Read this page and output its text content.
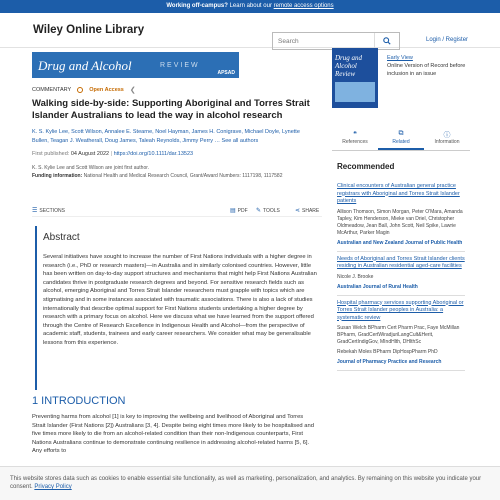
Working off-campus? Learn about our remote access options
Wiley Online Library
Search	Login / Register
Drug and Alcohol	REVIEW
APSAD
COMMENTARY	Open Access ❮
Walking side-by-side: Supporting Aboriginal and Torres Strait Islander Australians to lead the way in alcohol research
K. S. Kylie Lee, Scott Wilson, Annalee E. Stearne, Noel Hayman, James H. Conigrave, Michael Doyle, Lynette Bullen, Teagan J. Weatherall, Doug James, Taleah Reynolds, Jimmy Perry … See all authors
First published: 04 August 2022 | https://doi.org/10.1111/dar.13523
K. S. Kylie Lee and Scott Wilson are joint first author.
Funding information: National Health and Medical Research Council, Grant/Award Numbers: 1117198, 1117582
☰ SECTIONS	▤ PDF ✎ TOOLS	⋖ SHARE
Abstract

Several initiatives have sought to increase the number of First Nations individuals with a higher degree in research (i.e., PhD or research masters)—in Australia and in similarly colonised countries. However, little has been written on day-to-day support structures and mechanisms that might help First Nations Australian candidates thrive in postgraduate research degrees and beyond. For sensitive research fields such as alcohol, emerging Aboriginal and Torres Strait Islander researchers must grapple with topics which are stigmatising and in some instances associated with traumatic associations. There is also a lack of studies internationally that describe optimal support for First Nations students undertaking a higher degree by research with a primary focus on alcohol. Here we discuss what we have learned from the support offered through the Centre of Research Excellence in Indigenous Health and Alcohol—from the perspective of academic staff, students, trainees and early career researchers. We consider what may be generalisable lessons from this experience.

1 INTRODUCTION

Preventing harms from alcohol [1] is key to improving the wellbeing and livelihood of Aboriginal and Torres Strait Islander (First Nations [2]) Australians [3, 4]. Despite being eight times more likely to be hospitalised and five times more likely to die from an alcohol-related condition than their non-Indigenous counterparts, First Nations Australians continue to demonstrate continuing resilience in addressing alcohol-related harms [5, 6]. Any efforts to

Drug and Alcohol Review
Early View
Online Version of Record before inclusion in an issue
❝
References
⧉
Related
ⓘ
Information
Recommended
Clinical encounters of Australian general practice registrars with Aboriginal and Torres Strait Islander patients
Allison Thomson, Simon Morgan, Peter O'Mara, Amanda Tapley, Kim Henderson, Mieke van Driel, Christopher Oldmeadow, Jean Ball, John Scott, Neil Spike, Lawrie McArthur, Parker Magin
Australian and New Zealand Journal of Public Health
Needs of Aboriginal and Torres Strait Islander clients residing in Australian residential aged-care facilities
Nicole J. Brooke
Australian Journal of Rural Health
Hospital pharmacy services supporting Aboriginal or Torres Strait Islander peoples in Australia: a systematic review
Susan Welch BPharm Cert Pharm Prac, Faye McMillan BPharm, GradCertWiradjuriLangCult&Herit, GradCertIndigGov, MIndHlth, DHlthSc
Rebekah Moles BPharm DipHospPharm PhD
Journal of Pharmacy Practice and Research
This website stores data such as cookies to enable essential site functionality, as well as marketing, personalization, and analytics. By remaining on this website you indicate your consent. Privacy Policy
